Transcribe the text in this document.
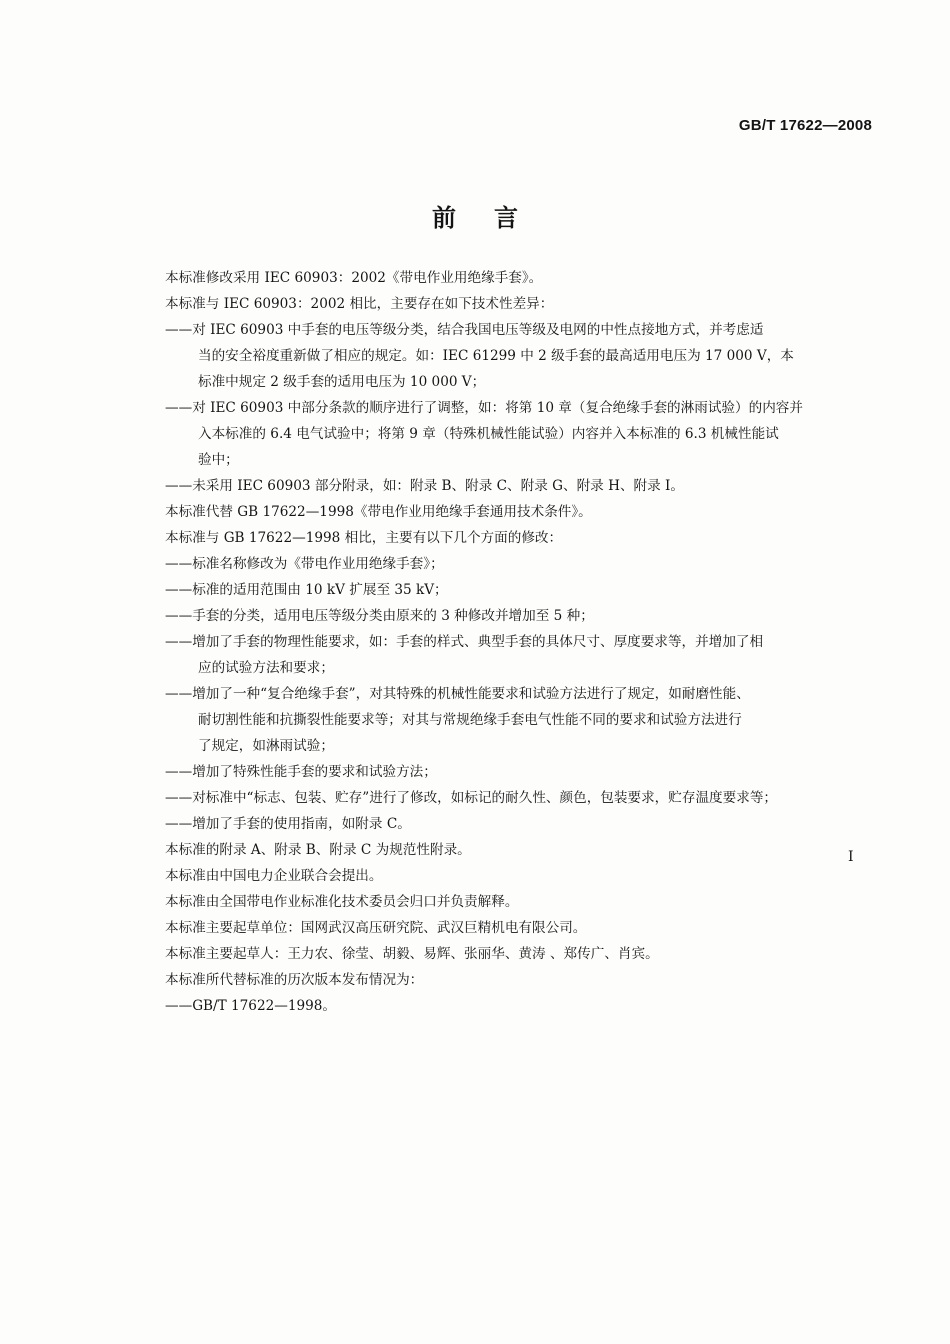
GB/T 17622—2008
前言
本标准修改采用 IEC 60903：2002《带电作业用绝缘手套》。
本标准与 IEC 60903：2002 相比，主要存在如下技术性差异：
——对 IEC 60903 中手套的电压等级分类，结合我国电压等级及电网的中性点接地方式，并考虑适
当的安全裕度重新做了相应的规定。如：IEC 61299 中 2 级手套的最高适用电压为 17 000 V，本
标准中规定 2 级手套的适用电压为 10 000 V；
——对 IEC 60903 中部分条款的顺序进行了调整，如：将第 10 章（复合绝缘手套的淋雨试验）的内容并
入本标准的 6.4 电气试验中；将第 9 章（特殊机械性能试验）内容并入本标准的 6.3 机械性能试
验中；
——未采用 IEC 60903 部分附录，如：附录 B、附录 C、附录 G、附录 H、附录 I。
本标准代替 GB 17622—1998《带电作业用绝缘手套通用技术条件》。
本标准与 GB 17622—1998 相比，主要有以下几个方面的修改：
——标准名称修改为《带电作业用绝缘手套》；
——标准的适用范围由 10 kV 扩展至 35 kV；
——手套的分类，适用电压等级分类由原来的 3 种修改并增加至 5 种；
——增加了手套的物理性能要求，如：手套的样式、典型手套的具体尺寸、厚度要求等，并增加了相
应的试验方法和要求；
——增加了一种“复合绝缘手套”，对其特殊的机械性能要求和试验方法进行了规定，如耐磨性能、
耐切割性能和抗撕裂性能要求等；对其与常规绝缘手套电气性能不同的要求和试验方法进行
了规定，如淋雨试验；
——增加了特殊性能手套的要求和试验方法；
——对标准中“标志、包装、贮存”进行了修改，如标记的耐久性、颜色，包装要求，贮存温度要求等；
——增加了手套的使用指南，如附录 C。
本标准的附录 A、附录 B、附录 C 为规范性附录。
本标准由中国电力企业联合会提出。
本标准由全国带电作业标准化技术委员会归口并负责解释。
本标准主要起草单位：国网武汉高压研究院、武汉巨精机电有限公司。
本标准主要起草人：王力农、徐莹、胡毅、易辉、张丽华、黄涛 、郑传广、肖宾。
本标准所代替标准的历次版本发布情况为：
——GB/T 17622—1998。
I
